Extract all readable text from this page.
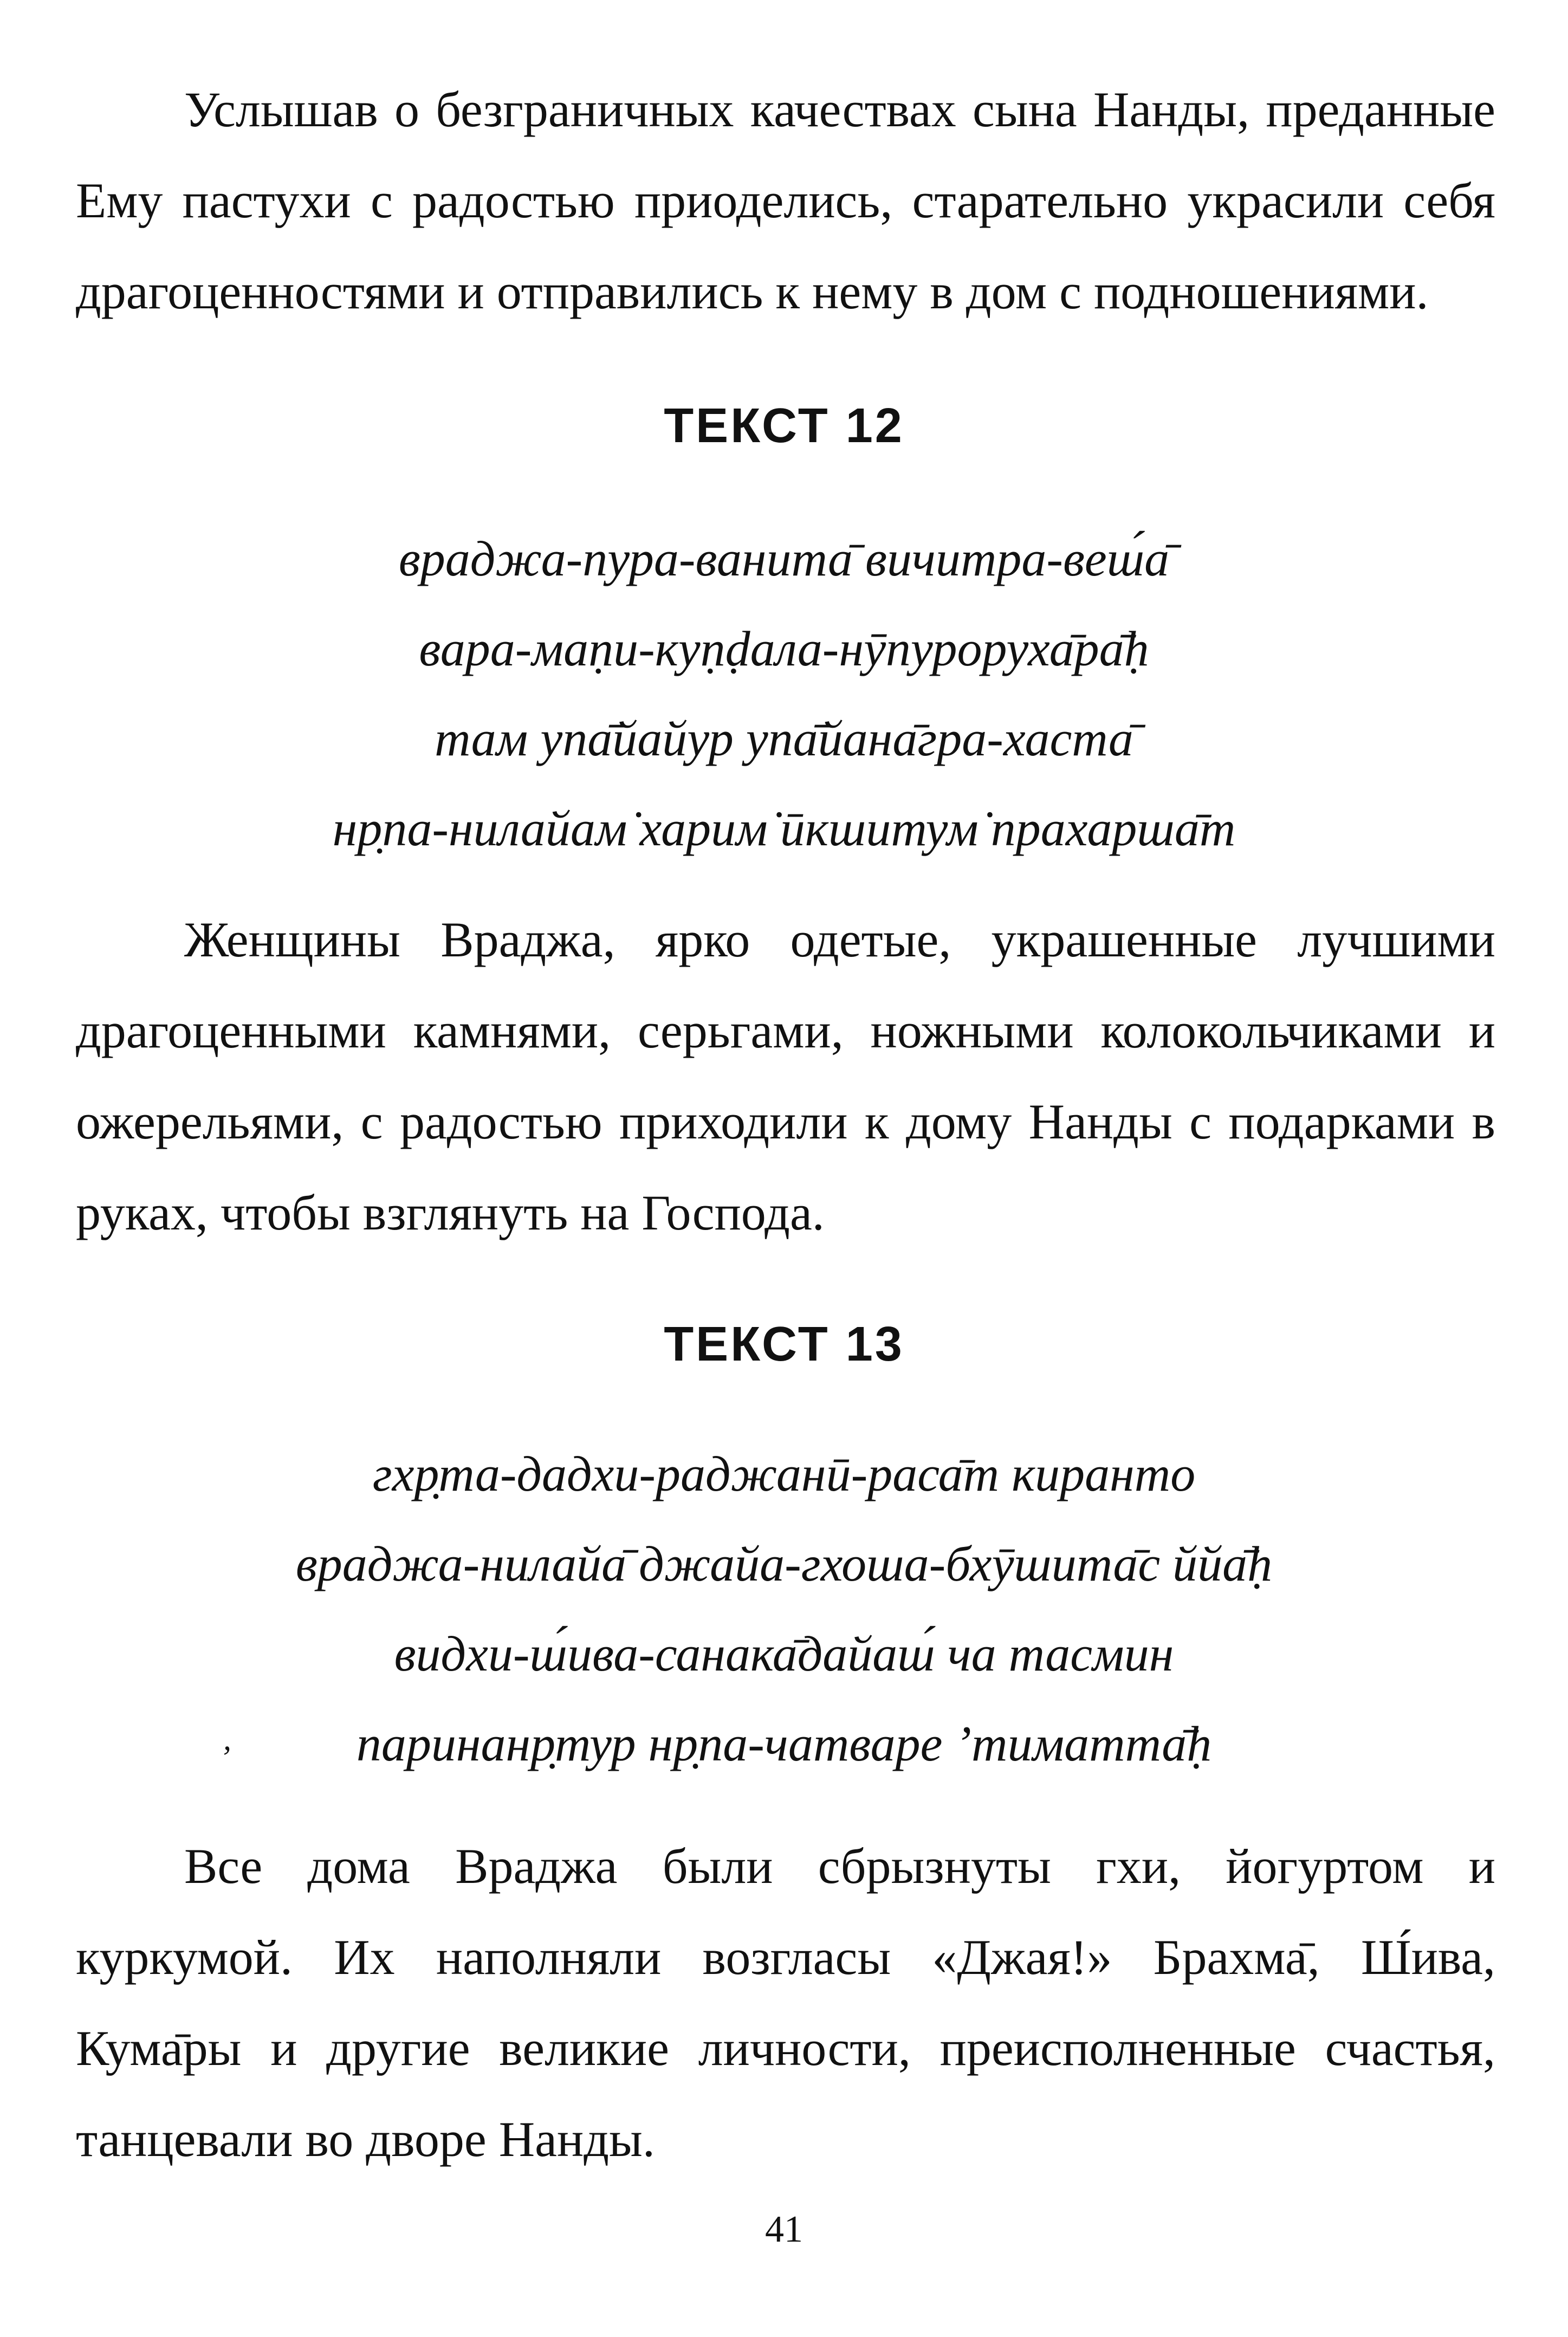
Услышав о безграничных качествах сына Нанды, преданные Ему пастухи с радостью приоделись, старательно украсили себя драгоценностями и отправились к нему в дом с подношениями.

ТЕКСТ 12
враджа-пура-ванита̄ вичитра-веш́а̄
вара-маṇи-куṇḍала-нӯпуроруха̄ра̄ḥ
там упа̄йайур упа̄йана̄гра-хаста̄
нр̣па-нилайам̇ харим̇ ӣкшитум̇ прахарша̄т

Женщины Враджа, ярко одетые, украшенные лучшими драгоценными камнями, серьгами, ножными колокольчиками и ожерельями, с радостью приходили к дому Нанды с подарками в руках, чтобы взглянуть на Господа.

ТЕКСТ 13
гхр̣та-дадхи-раджанӣ-раса̄т киранто
враджа-нилайа̄ джайа-гхоша-бхӯшита̄с ййа̄ḥ
видхи-ш́ива-санака̄дайаш́ ча тасмин
паринанр̣тур нр̣па-чатваре ’тиматта̄ḥ
,

Все дома Враджа были сбрызнуты гхи, йогуртом и куркумой. Их наполняли возгласы «Джая!» Брахма̄, Ш́ива, Кума̄ры и другие великие личности, преисполненные счастья, танцевали во дворе Нанды.

41
